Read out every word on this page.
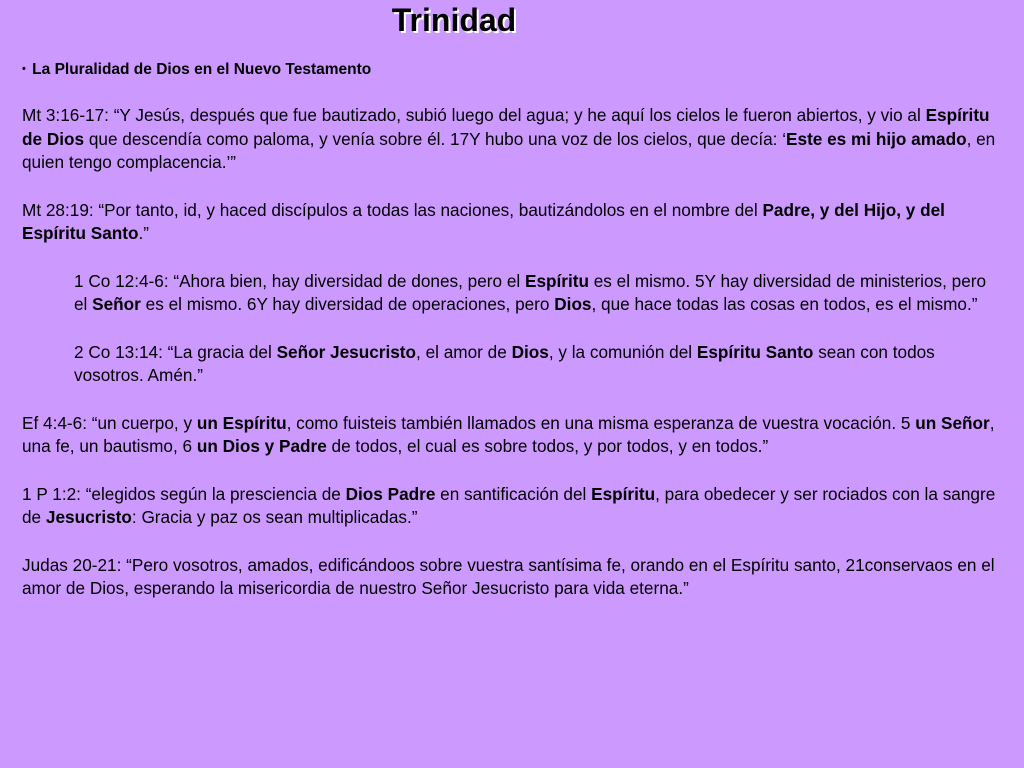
Trinidad
• La Pluralidad de Dios en el Nuevo Testamento

Mt 3:16-17: “Y Jesús, después que fue bautizado, subió luego del agua; y he aquí los cielos le fueron abiertos, y vio al Espíritu de Dios que descendía como paloma, y venía sobre él. 17Y hubo una voz de los cielos, que decía: ‘Este es mi hijo amado, en quien tengo complacencia.’”

Mt 28:19: “Por tanto, id, y haced discípulos a todas las naciones, bautizándolos en el nombre del Padre, y del Hijo, y del Espíritu Santo.”

1 Co 12:4-6: “Ahora bien, hay diversidad de dones, pero el Espíritu es el mismo. 5Y hay diversidad de ministerios, pero el Señor es el mismo. 6Y hay diversidad de operaciones, pero Dios, que hace todas las cosas en todos, es el mismo.”

2 Co 13:14: “La gracia del Señor Jesucristo, el amor de Dios, y la comunión del Espíritu Santo sean con todos vosotros. Amén.”

Ef 4:4-6: “un cuerpo, y un Espíritu, como fuisteis también llamados en una misma esperanza de vuestra vocación. 5 un Señor, una fe, un bautismo, 6 un Dios y Padre de todos, el cual es sobre todos, y por todos, y en todos.”

1 P 1:2: “elegidos según la presciencia de Dios Padre en santificación del Espíritu, para obedecer y ser rociados con la sangre de Jesucristo: Gracia y paz os sean multiplicadas.”

Judas 20-21: “Pero vosotros, amados, edificándoos sobre vuestra santísima fe, orando en el Espíritu santo, 21conservaos en el amor de Dios, esperando la misericordia de nuestro Señor Jesucristo para vida eterna.”
